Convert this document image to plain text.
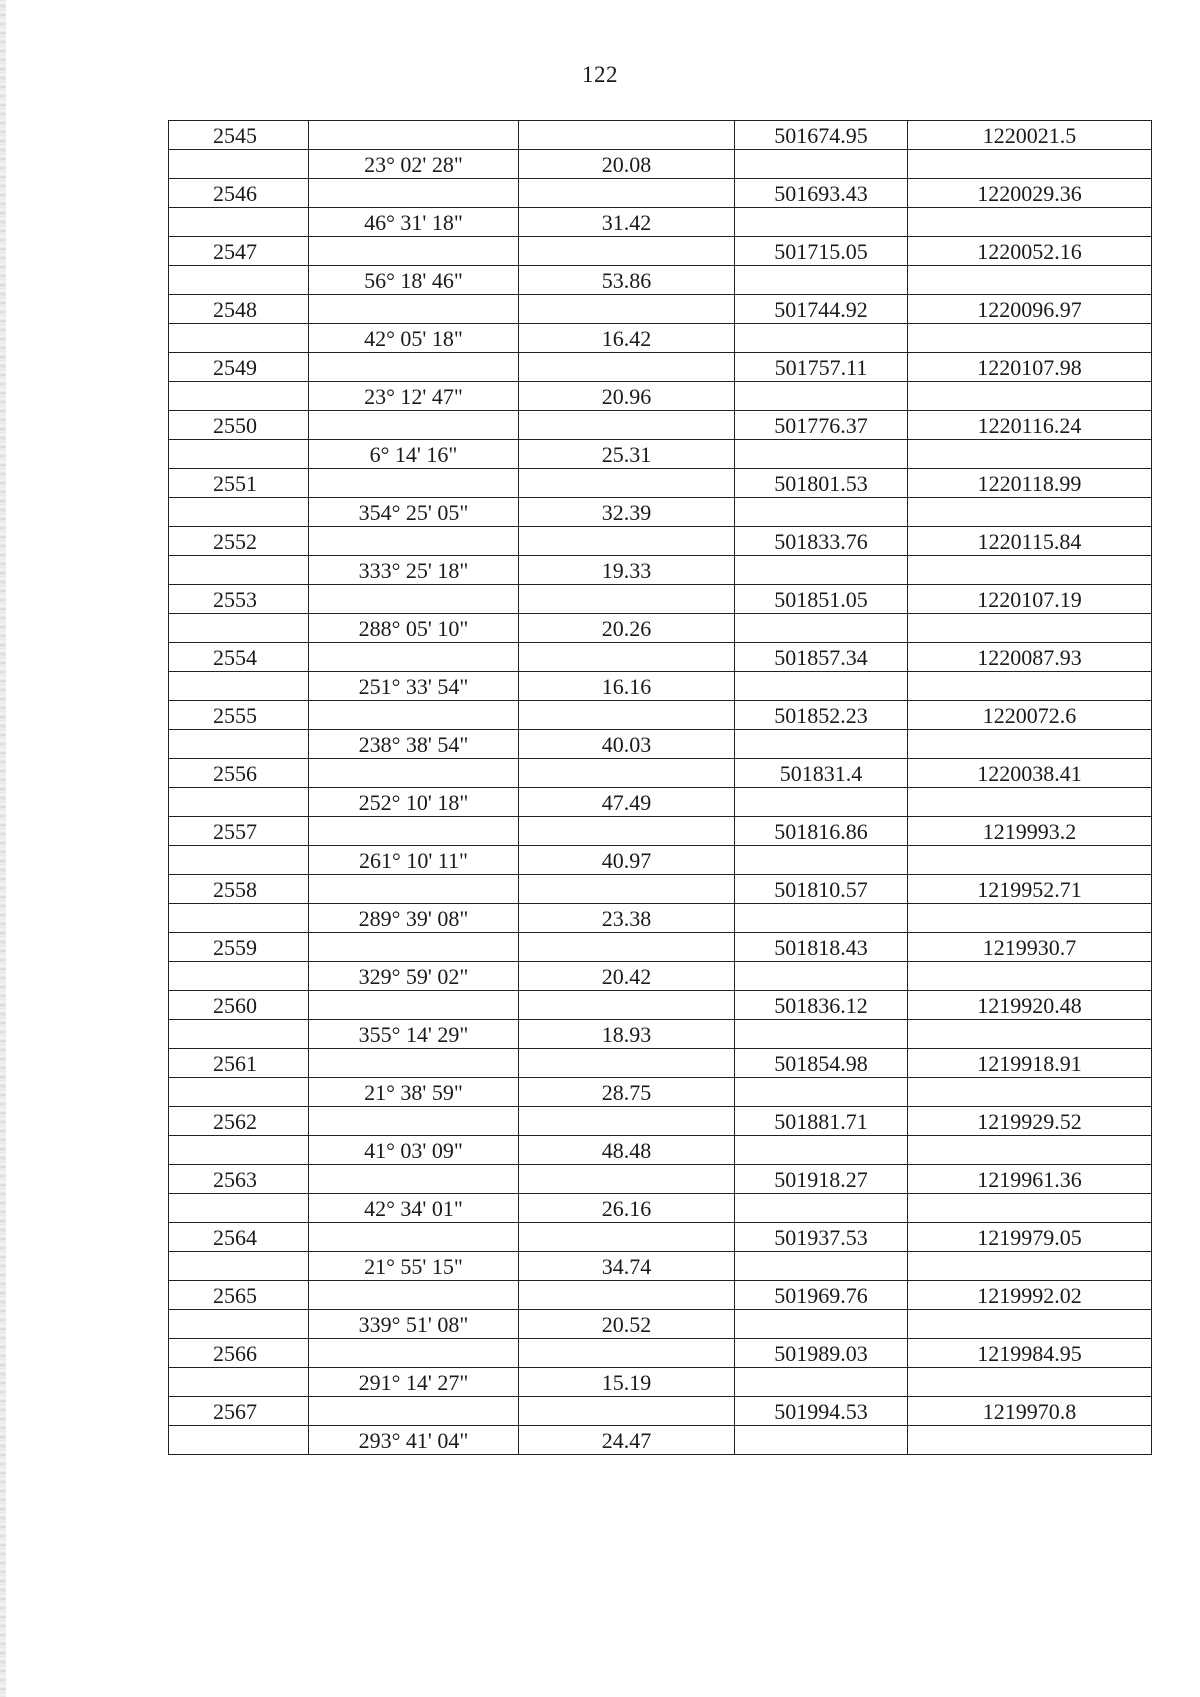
122
2545			501674.95	1220021.5
	23° 02' 28"	20.08		
2546			501693.43	1220029.36
	46° 31' 18"	31.42		
2547			501715.05	1220052.16
	56° 18' 46"	53.86		
2548			501744.92	1220096.97
	42° 05' 18"	16.42		
2549			501757.11	1220107.98
	23° 12' 47"	20.96		
2550			501776.37	1220116.24
	6° 14' 16"	25.31		
2551			501801.53	1220118.99
	354° 25' 05"	32.39		
2552			501833.76	1220115.84
	333° 25' 18"	19.33		
2553			501851.05	1220107.19
	288° 05' 10"	20.26		
2554			501857.34	1220087.93
	251° 33' 54"	16.16		
2555			501852.23	1220072.6
	238° 38' 54"	40.03		
2556			501831.4	1220038.41
	252° 10' 18"	47.49		
2557			501816.86	1219993.2
	261° 10' 11"	40.97		
2558			501810.57	1219952.71
	289° 39' 08"	23.38		
2559			501818.43	1219930.7
	329° 59' 02"	20.42		
2560			501836.12	1219920.48
	355° 14' 29"	18.93		
2561			501854.98	1219918.91
	21° 38' 59"	28.75		
2562			501881.71	1219929.52
	41° 03' 09"	48.48		
2563			501918.27	1219961.36
	42° 34' 01"	26.16		
2564			501937.53	1219979.05
	21° 55' 15"	34.74		
2565			501969.76	1219992.02
	339° 51' 08"	20.52		
2566			501989.03	1219984.95
	291° 14' 27"	15.19		
2567			501994.53	1219970.8
	293° 41' 04"	24.47		
